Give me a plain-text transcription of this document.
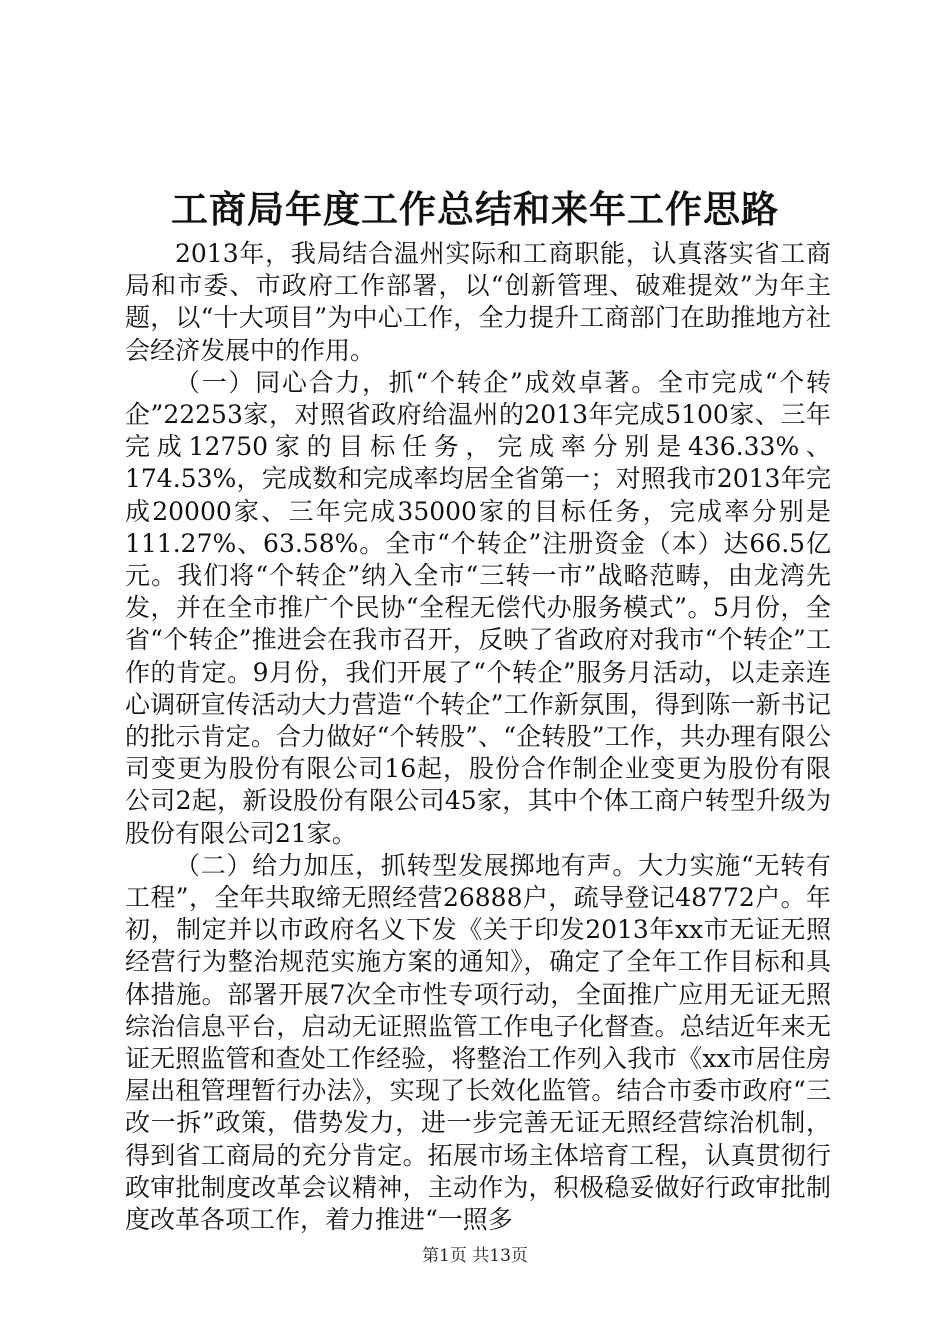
工商局年度工作总结和来年工作思路

2013年，我局结合温州实际和工商职能，认真落实省工商局和市委、市政府工作部署，以“创新管理、破难提效”为年主题，以“十大项目”为中心工作，全力提升工商部门在助推地方社会经济发展中的作用。

（一）同心合力，抓“个转企”成效卓著。全市完成“个转企”22253家，对照省政府给温州的2013年完成5100家、三年完成12750家的目标任务，完成率分别是436.33%、174.53%，完成数和完成率均居全省第一；对照我市2013年完成20000家、三年完成35000家的目标任务，完成率分别是111.27%、63.58%。全市“个转企”注册资金（本）达66.5亿元。我们将“个转企”纳入全市“三转一市”战略范畴，由龙湾先发，并在全市推广个民协“全程无偿代办服务模式”。5月份，全省“个转企”推进会在我市召开，反映了省政府对我市“个转企”工作的肯定。9月份，我们开展了“个转企”服务月活动，以走亲连心调研宣传活动大力营造“个转企”工作新氛围，得到陈一新书记的批示肯定。合力做好“个转股”、“企转股”工作，共办理有限公司变更为股份有限公司16起，股份合作制企业变更为股份有限公司2起，新设股份有限公司45家，其中个体工商户转型升级为股份有限公司21家。

（二）给力加压，抓转型发展掷地有声。大力实施“无转有工程”，全年共取缔无照经营26888户，疏导登记48772户。年初，制定并以市政府名义下发《关于印发2013年xx市无证无照经营行为整治规范实施方案的通知》，确定了全年工作目标和具体措施。部署开展7次全市性专项行动，全面推广应用无证无照综治信息平台，启动无证照监管工作电子化督查。总结近年来无证无照监管和查处工作经验，将整治工作列入我市《xx市居住房屋出租管理暂行办法》，实现了长效化监管。结合市委市政府“三改一拆”政策，借势发力，进一步完善无证无照经营综治机制，得到省工商局的充分肯定。拓展市场主体培育工程，认真贯彻行政审批制度改革会议精神，主动作为，积极稳妥做好行政审批制度改革各项工作，着力推进“一照多

第1页 共13页
